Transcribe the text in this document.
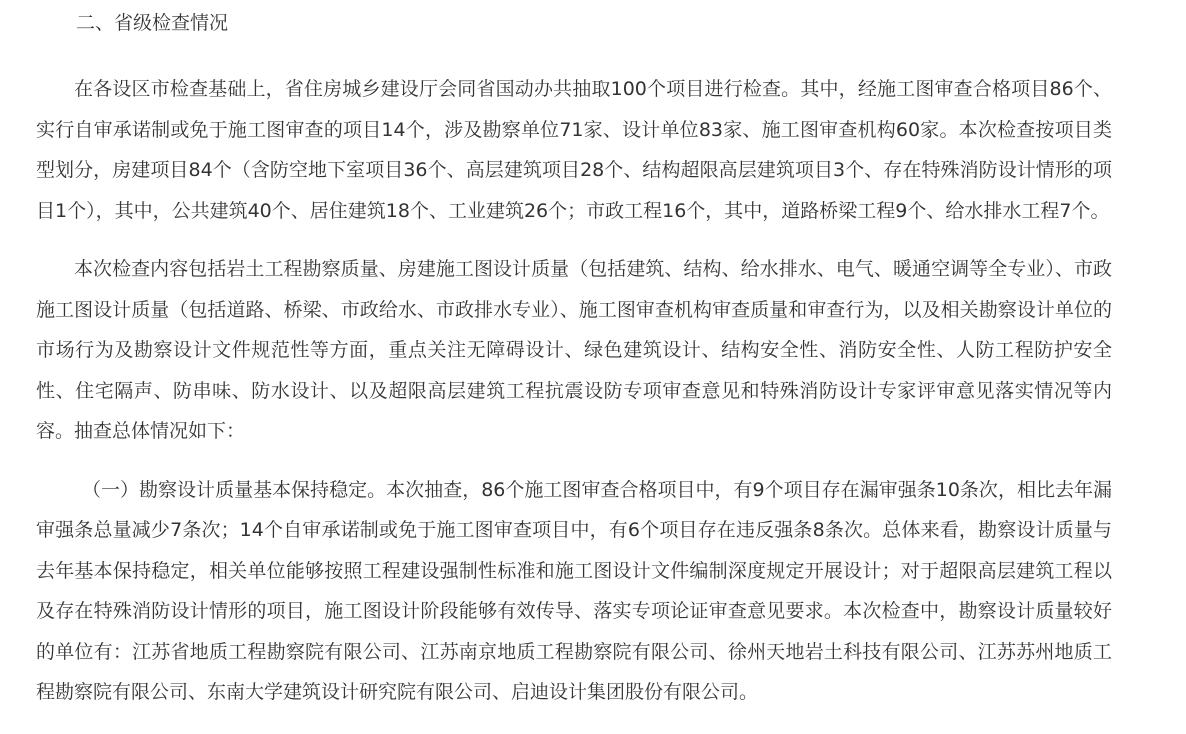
二、省级检查情况

在各设区市检查基础上，省住房城乡建设厅会同省国动办共抽取100个项目进行检查。其中，经施工图审查合格项目86个、实行自审承诺制或免于施工图审查的项目14个，涉及勘察单位71家、设计单位83家、施工图审查机构60家。本次检查按项目类型划分，房建项目84个（含防空地下室项目36个、高层建筑项目28个、结构超限高层建筑项目3个、存在特殊消防设计情形的项目1个），其中，公共建筑40个、居住建筑18个、工业建筑26个；市政工程16个，其中，道路桥梁工程9个、给水排水工程7个。

本次检查内容包括岩土工程勘察质量、房建施工图设计质量（包括建筑、结构、给水排水、电气、暖通空调等全专业）、市政施工图设计质量（包括道路、桥梁、市政给水、市政排水专业）、施工图审查机构审查质量和审查行为，以及相关勘察设计单位的市场行为及勘察设计文件规范性等方面，重点关注无障碍设计、绿色建筑设计、结构安全性、消防安全性、人防工程防护安全性、住宅隔声、防串味、防水设计、以及超限高层建筑工程抗震设防专项审查意见和特殊消防设计专家评审意见落实情况等内容。抽查总体情况如下：

（一）勘察设计质量基本保持稳定。本次抽查，86个施工图审查合格项目中，有9个项目存在漏审强条10条次，相比去年漏审强条总量减少7条次；14个自审承诺制或免于施工图审查项目中，有6个项目存在违反强条8条次。总体来看，勘察设计质量与去年基本保持稳定，相关单位能够按照工程建设强制性标准和施工图设计文件编制深度规定开展设计；对于超限高层建筑工程以及存在特殊消防设计情形的项目，施工图设计阶段能够有效传导、落实专项论证审查意见要求。本次检查中，勘察设计质量较好的单位有：江苏省地质工程勘察院有限公司、江苏南京地质工程勘察院有限公司、徐州天地岩土科技有限公司、江苏苏州地质工程勘察院有限公司、东南大学建筑设计研究院有限公司、启迪设计集团股份有限公司。
